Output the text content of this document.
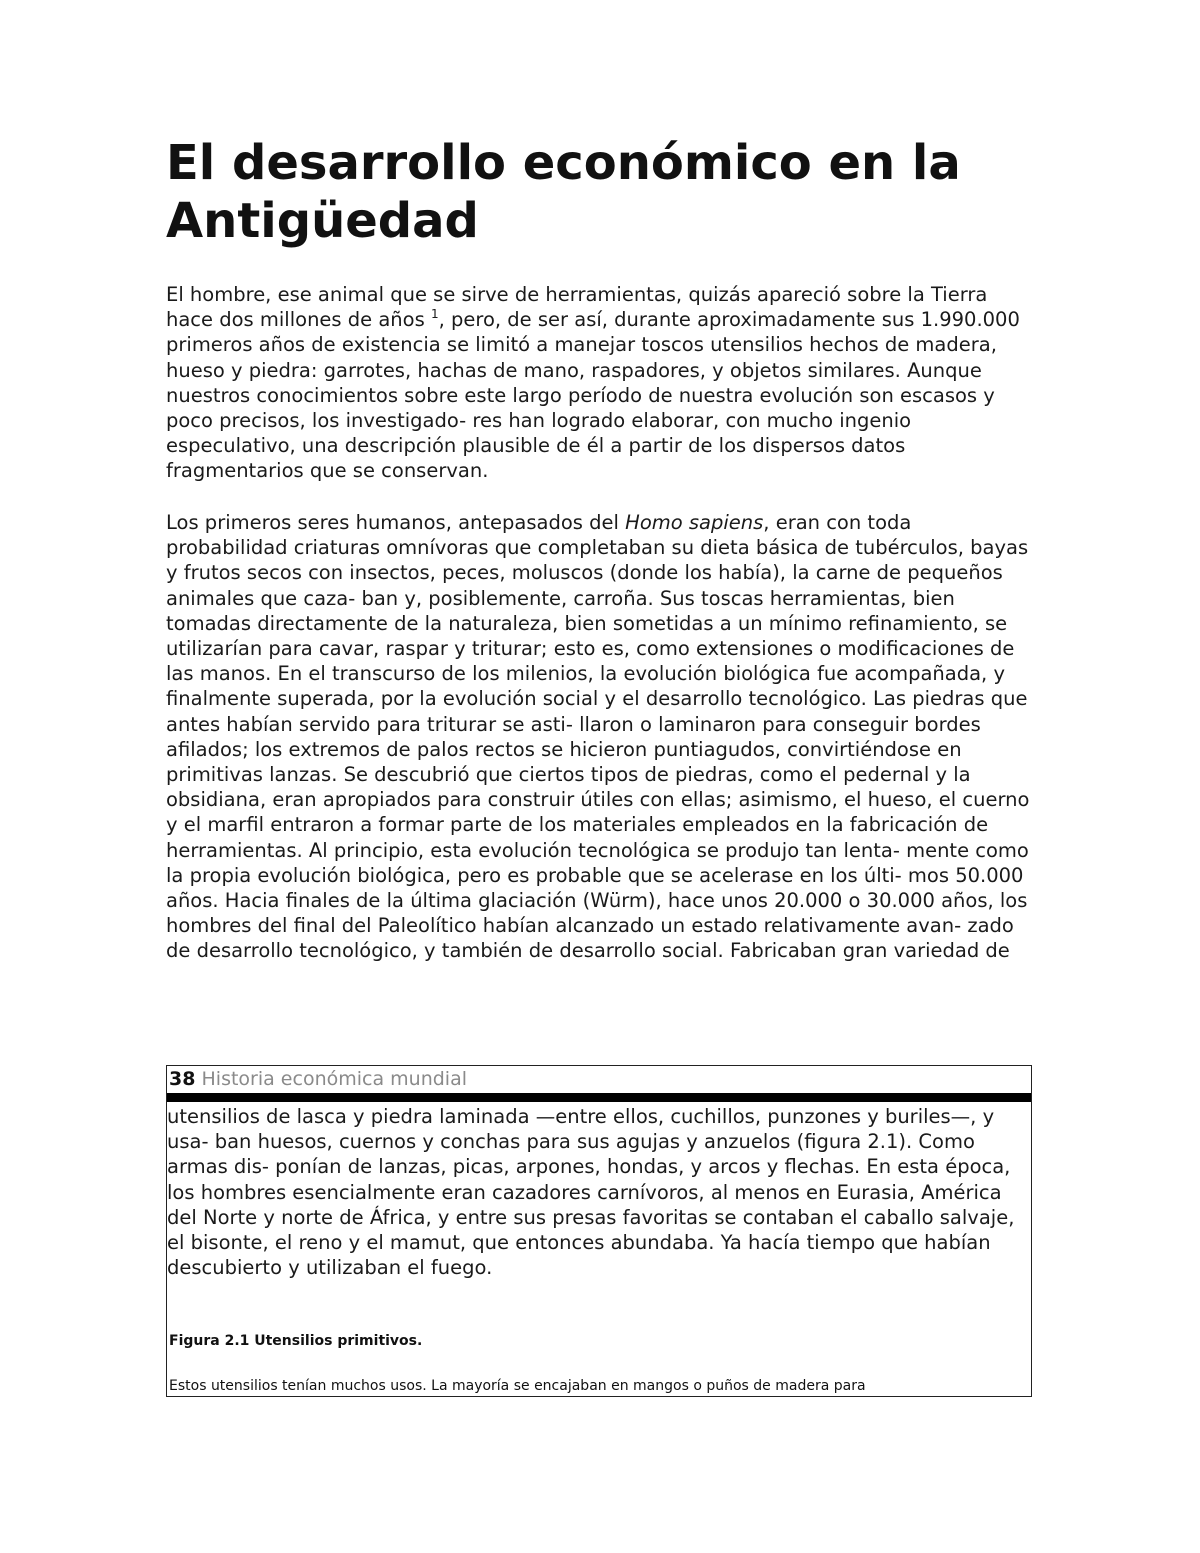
El desarrollo económico en la Antigüedad

El hombre, ese animal que se sirve de herramientas, quizás apareció sobre la Tierra hace dos millones de años $^1$, pero, de ser así, durante aproximadamente sus 1.990.000 primeros años de existencia se limitó a manejar toscos utensilios hechos de madera, hueso y piedra: garrotes, hachas de mano, raspadores, y objetos similares. Aunque nuestros conocimientos sobre este largo período de nuestra evolución son escasos y poco precisos, los investigado- res han logrado elaborar, con mucho ingenio especulativo, una descripción plausible de él a partir de los dispersos datos fragmentarios que se conservan.

Los primeros seres humanos, antepasados del Homo sapiens, eran con toda probabilidad criaturas omnívoras que completaban su dieta básica de tubérculos, bayas y frutos secos con insectos, peces, moluscos (donde los había), la carne de pequeños animales que caza- ban y, posiblemente, carroña. Sus toscas herramientas, bien tomadas directamente de la naturaleza, bien sometidas a un mínimo refinamiento, se utilizarían para cavar, raspar y triturar; esto es, como extensiones o modificaciones de las manos. En el transcurso de los milenios, la evolución biológica fue acompañada, y finalmente superada, por la evolución social y el desarrollo tecnológico. Las piedras que antes habían servido para triturar se asti- llaron o laminaron para conseguir bordes afilados; los extremos de palos rectos se hicieron puntiagudos, convirtiéndose en primitivas lanzas. Se descubrió que ciertos tipos de piedras, como el pedernal y la obsidiana, eran apropiados para construir útiles con ellas; asimismo, el hueso, el cuerno y el marfil entraron a formar parte de los materiales empleados en la fabricación de herramientas. Al principio, esta evolución tecnológica se produjo tan lenta- mente como la propia evolución biológica, pero es probable que se acelerase en los últi- mos 50.000 años. Hacia finales de la última glaciación (Würm), hace unos 20.000 o 30.000 años, los hombres del final del Paleolítico habían alcanzado un estado relativamente avan- zado de desarrollo tecnológico, y también de desarrollo social. Fabricaban gran variedad de

38 Historia económica mundial

utensilios de lasca y piedra laminada —entre ellos, cuchillos, punzones y buriles—, y usa- ban huesos, cuernos y conchas para sus agujas y anzuelos (figura 2.1). Como armas dis- ponían de lanzas, picas, arpones, hondas, y arcos y flechas. En esta época, los hombres esencialmente eran cazadores carnívoros, al menos en Eurasia, América del Norte y norte de África, y entre sus presas favoritas se contaban el caballo salvaje, el bisonte, el reno y el mamut, que entonces abundaba. Ya hacía tiempo que habían descubierto y utilizaban el fuego.

Figura 2.1 Utensilios primitivos.

Estos utensilios tenían muchos usos. La mayoría se encajaban en mangos o puños de madera para
